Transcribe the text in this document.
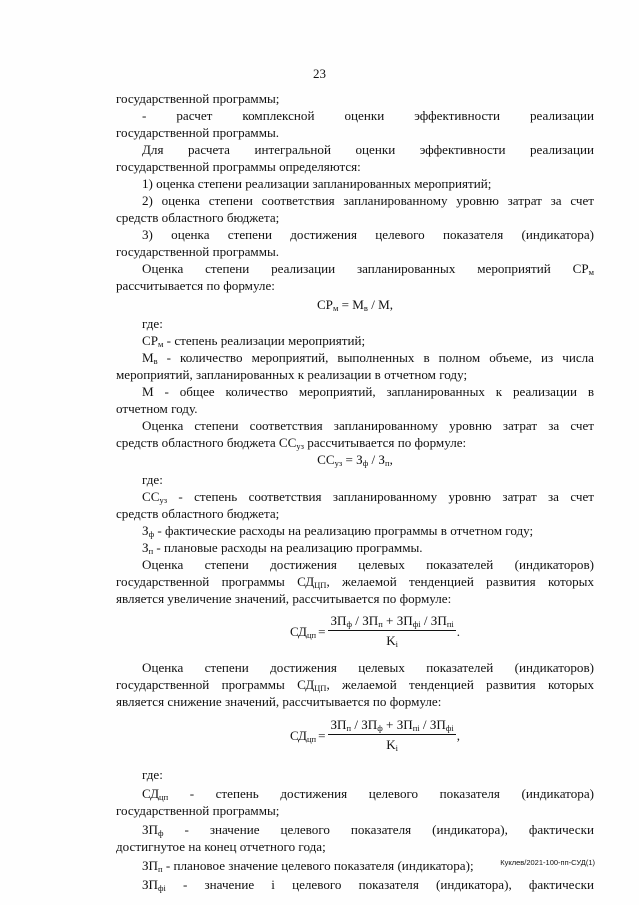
23
государственной программы;
- расчет комплексной оценки эффективности реализации
государственной программы.
Для расчета интегральной оценки эффективности реализации
государственной программы определяются:
1) оценка степени реализации запланированных мероприятий;
2) оценка степени соответствия запланированному уровню затрат за счет
средств областного бюджета;
3) оценка степени достижения целевого показателя (индикатора)
государственной программы.
Оценка степени реализации запланированных мероприятий $СР_м$
рассчитывается по формуле:
$СР_м = М_в / М$,
где:
$СР_м$ - степень реализации мероприятий;
$М_в$ - количество мероприятий, выполненных в полном объеме, из числа
мероприятий, запланированных к реализации в отчетном году;
М - общее количество мероприятий, запланированных к реализации в
отчетном году.
Оценка степени соответствия запланированному уровню затрат за счет
средств областного бюджета $СС_{уз}$ рассчитывается по формуле:
$СС_{уз} = З_ф / З_п$,
где:
$СС_{уз}$ - степень соответствия запланированному уровню затрат за счет
средств областного бюджета;
$З_ф$ - фактические расходы на реализацию программы в отчетном году;
$З_п$ - плановые расходы на реализацию программы.
Оценка степени достижения целевых показателей (индикаторов)
государственной программы $СД_{ЦП}$, желаемой тенденцией развития которых
является увеличение значений, рассчитывается по формуле:
$СД_{цп} = \frac{ЗП_ф / ЗП_п + ЗП_{фi} / ЗП_{пi}}{K_i}$ .
Оценка степени достижения целевых показателей (индикаторов)
государственной программы $СД_{ЦП}$, желаемой тенденцией развития которых
является снижение значений, рассчитывается по формуле:
$СД_{цп} = \frac{ЗП_п / ЗП_ф + ЗП_{пi} / ЗП_{фi}}{K_i}$ ,
где:
$СД_{цп}$ - степень достижения целевого показателя (индикатора)
государственной программы;
$ЗП_ф$ - значение целевого показателя (индикатора), фактически
достигнутое на конец отчетного года;
$ЗП_п$ - плановое значение целевого показателя (индикатора);
$ЗП_{фi}$ - значение i целевого показателя (индикатора), фактически
Куклев/2021-100-пп-СУД(1)
